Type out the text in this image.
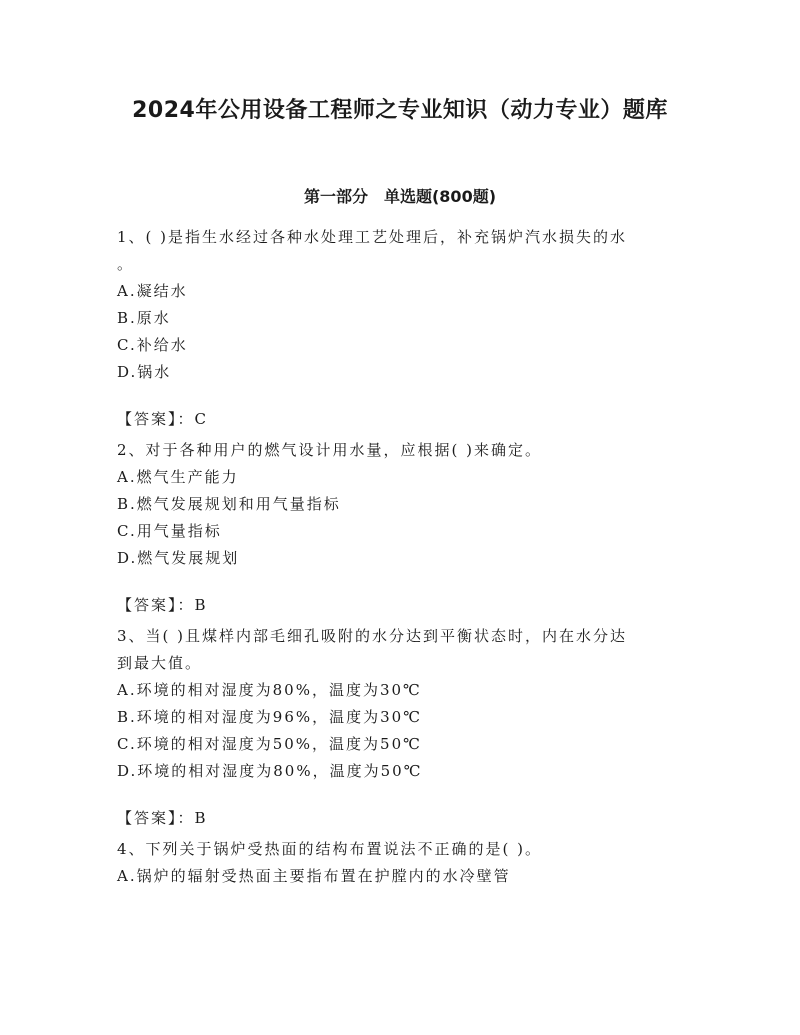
2024年公用设备工程师之专业知识（动力专业）题库
第一部分　单选题(800题)
1、( )是指生水经过各种水处理工艺处理后，补充锅炉汽水损失的水
。
A.凝结水
B.原水
C.补给水
D.锅水
【答案】：C
2、对于各种用户的燃气设计用水量，应根据( )来确定。
A.燃气生产能力
B.燃气发展规划和用气量指标
C.用气量指标
D.燃气发展规划
【答案】：B
3、当( )且煤样内部毛细孔吸附的水分达到平衡状态时，内在水分达
到最大值。
A.环境的相对湿度为80%，温度为30℃
B.环境的相对湿度为96%，温度为30℃
C.环境的相对湿度为50%，温度为50℃
D.环境的相对湿度为80%，温度为50℃
【答案】：B
4、下列关于锅炉受热面的结构布置说法不正确的是( )。
A.锅炉的辐射受热面主要指布置在护膛内的水冷壁管
